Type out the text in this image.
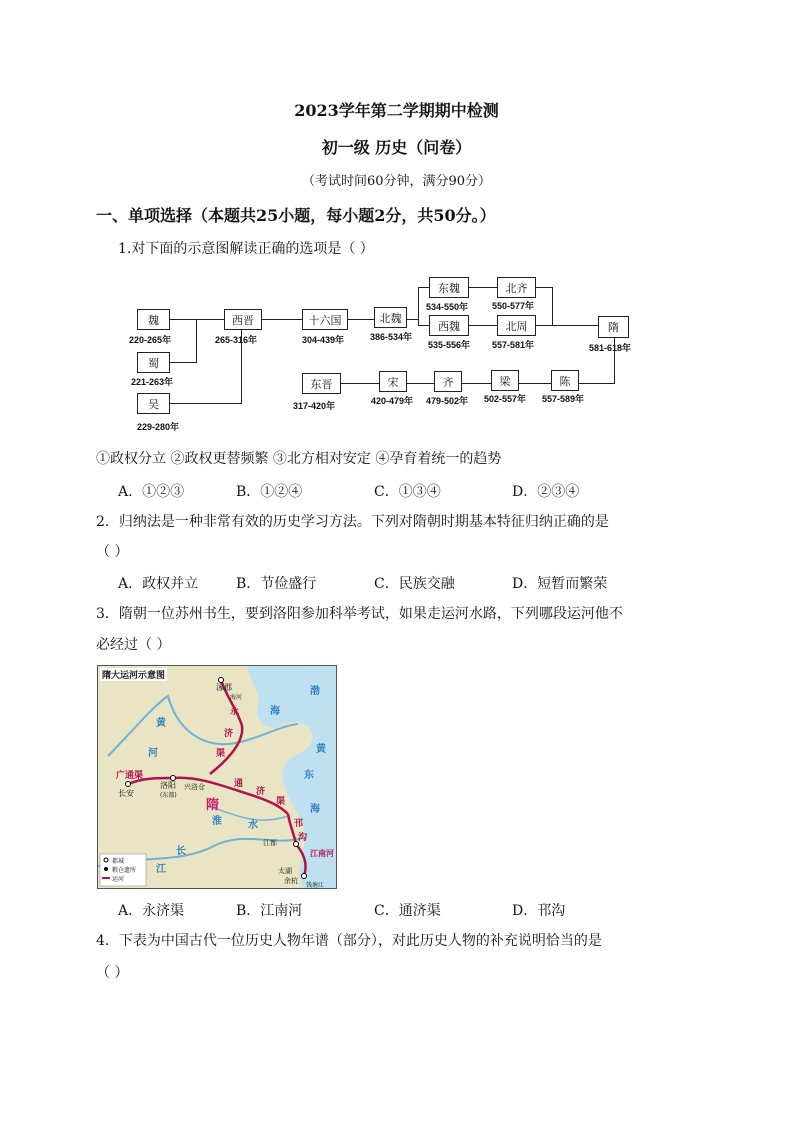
2023学年第二学期期中检测
初一级 历史（问卷）
（考试时间60分钟，满分90分）
一、单项选择（本题共25小题，每小题2分，共50分。）
1.对下面的示意图解读正确的选项是（ ）
魏
220-265年
蜀
221-263年
吴
229-280年
西晋
265-316年
十六国
304-439年
北魏
386-534年
东魏
534-550年
西魏
535-556年
北齐
550-577年
北周
557-581年
隋
581-618年
东晋
317-420年
宋
420-479年
齐
479-502年
梁
502-557年
陈
557-589年
①政权分立 ②政权更替频繁 ③北方相对安定 ④孕育着统一的趋势
A．①②③	B．①②④	C．①③④	D．②③④
2．归纳法是一种非常有效的历史学习方法。下列对隋朝时期基本特征归纳正确的是
（ ）
A．政权并立	B．节俭盛行	C．民族交融	D．短暂而繁荣
3．隋朝一位苏州书生，要到洛阳参加科举考试，如果走运河水路，下列哪段运河他不
必经过（ ）
隋大运河示意图
涿郡
海河
洛阳
(东都)
兴洛仓
长安
隋
江都
太湖
余杭
钱塘江
渤
海
黄
河	黄
东
海
淮	水
长
江
永
济
渠
广通渠
通
济
渠
邗
沟
江南河
都城
粮仓遗所
运河
A．永济渠	B．江南河	C．通济渠	D．邗沟
4．下表为中国古代一位历史人物年谱（部分），对此历史人物的补充说明恰当的是
（ ）
